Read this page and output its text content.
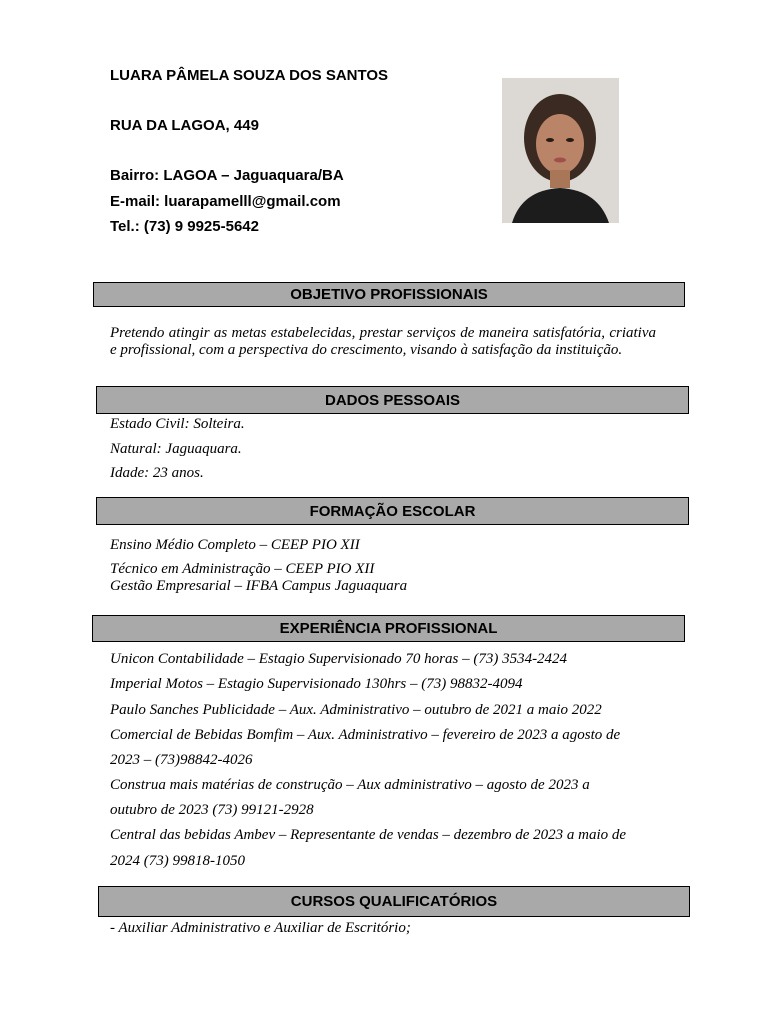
LUARA PÂMELA SOUZA DOS SANTOS
RUA DA LAGOA, 449
Bairro: LAGOA – Jaguaquara/BA
E-mail: luarapamelll@gmail.com
Tel.: (73) 9 9925-5642
OBJETIVO PROFISSIONAIS
Pretendo atingir as metas estabelecidas, prestar serviços de maneira satisfatória, criativa e profissional, com a perspectiva do crescimento, visando à satisfação da instituição.
DADOS PESSOAIS
Estado Civil: Solteira.
Natural: Jaguaquara.
Idade: 23 anos.
FORMAÇÃO ESCOLAR
Ensino Médio Completo – CEEP PIO XII
Técnico em Administração – CEEP PIO XII
Gestão Empresarial – IFBA Campus Jaguaquara
EXPERIÊNCIA PROFISSIONAL
Unicon Contabilidade – Estagio Supervisionado 70 horas – (73) 3534-2424
Imperial Motos – Estagio Supervisionado 130hrs – (73) 98832-4094
Paulo Sanches Publicidade – Aux. Administrativo – outubro de 2021 a maio 2022
Comercial de Bebidas Bomfim – Aux. Administrativo – fevereiro de 2023 a agosto de
2023 – (73)98842-4026
Construa mais matérias de construção – Aux administrativo – agosto de 2023 a
outubro de 2023 (73) 99121-2928
Central das bebidas Ambev – Representante de vendas – dezembro de 2023 a maio de
2024 (73) 99818-1050
CURSOS QUALIFICATÓRIOS
- Auxiliar Administrativo e Auxiliar de Escritório;
